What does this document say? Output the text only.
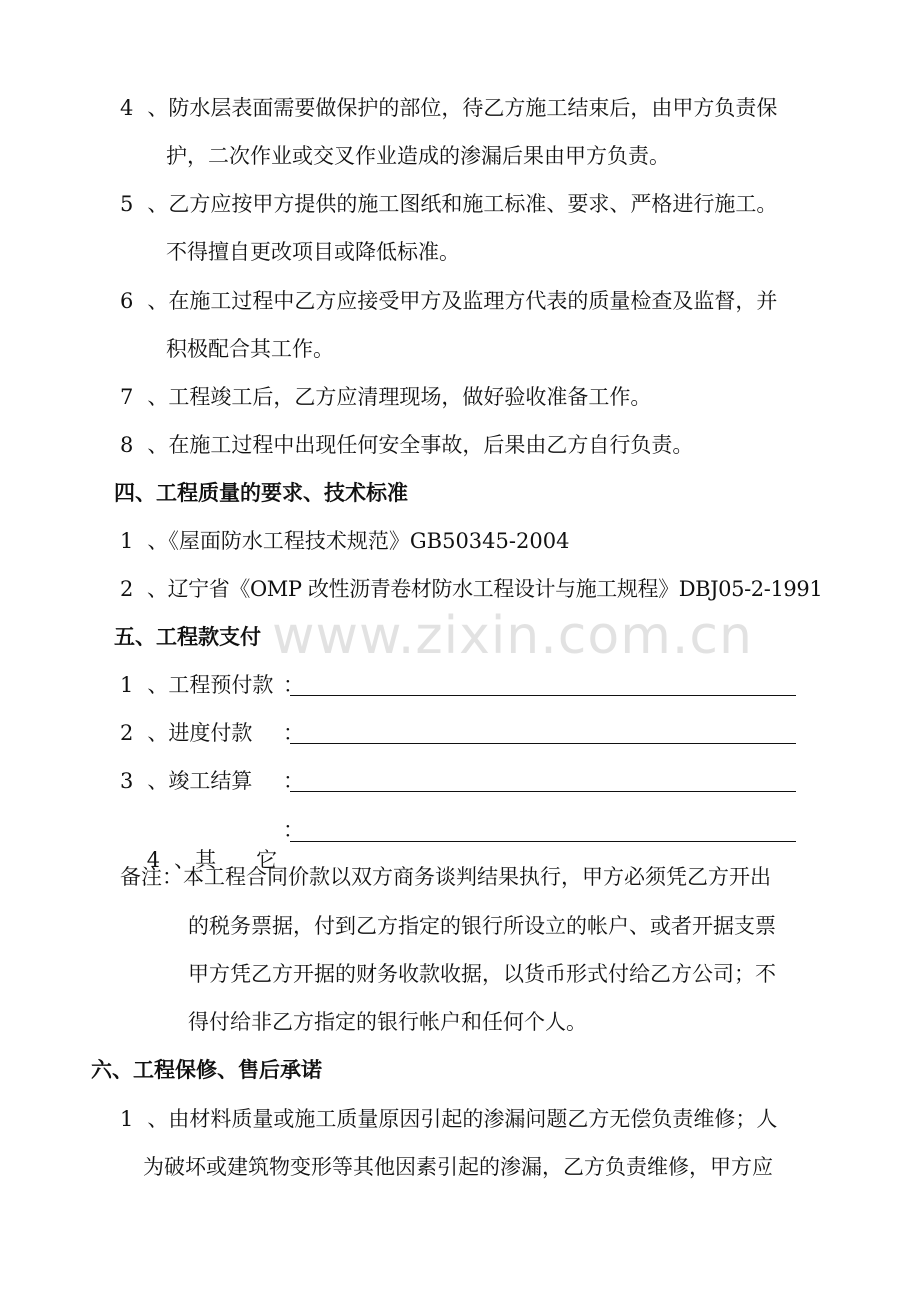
4 、防水层表面需要做保护的部位，待乙方施工结束后，由甲方负责保
护，二次作业或交叉作业造成的渗漏后果由甲方负责。
5 、乙方应按甲方提供的施工图纸和施工标准、要求、严格进行施工。
不得擅自更改项目或降低标准。
6 、在施工过程中乙方应接受甲方及监理方代表的质量检查及监督，并
积极配合其工作。
7 、工程竣工后，乙方应清理现场，做好验收准备工作。
8 、在施工过程中出现任何安全事故，后果由乙方自行负责。
四、工程质量的要求、技术标准
1 、《屋面防水工程技术规范》GB50345-2004
2 、辽宁省《OMP 改性沥青卷材防水工程设计与施工规程》DBJ05-2-1991
www.zixin.com.cn
五、工程款支付
1 、工程预付款 ：
2 、进度付款 ：
3 、竣工结算 ：

4 、其      它

：
备注：本工程合同价款以双方商务谈判结果执行，甲方必须凭乙方开出
的税务票据，付到乙方指定的银行所设立的帐户、或者开据支票
甲方凭乙方开据的财务收款收据，以货币形式付给乙方公司；不
得付给非乙方指定的银行帐户和任何个人。
六、工程保修、售后承诺
1 、由材料质量或施工质量原因引起的渗漏问题乙方无偿负责维修；人
为破坏或建筑物变形等其他因素引起的渗漏，乙方负责维修，甲方应
